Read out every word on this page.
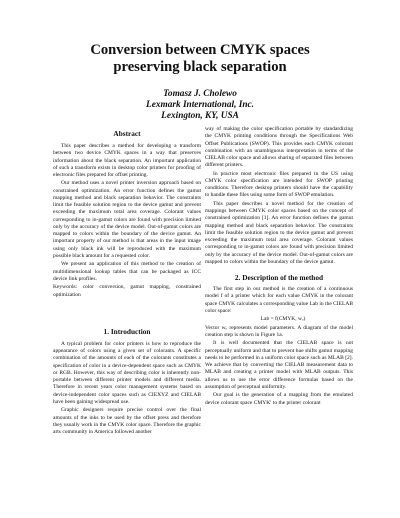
Conversion between CMYK spaces
preserving black separation
Tomasz J. Cholewo
Lexmark International, Inc.
Lexington, KY, USA
Abstract

This paper describes a method for developing a transform between two device CMYK spaces in a way that preserves information about the black separation. An important application of such a transform exists in desktop color printers for proofing of electronic files prepared for offset printing.

Our method uses a novel printer inversion approach based on constrained optimization. An error function defines the gamut mapping method and black separation behavior. The constraints limit the feasible solution region to the device gamut and prevent exceeding the maximum total area coverage. Colorant values corresponding to in-gamut colors are found with precision limited only by the accuracy of the device model. Out-of-gamut colors are mapped to colors within the boundary of the device gamut. An important property of our method is that areas in the input image using only black ink will be reproduced with the maximum possible black amount for a requested color.

We present an application of this method to the creation of multidimensional lookup tables that can be packaged as ICC device link profiles.

Keywords: color conversion, gamut mapping, constrained optimization

1. Introduction

A typical problem for color printers is how to reproduce the appearance of colors using a given set of colorants. A specific combination of the amounts of each of the colorants constitutes a specification of color in a device-dependent space such as CMYK or RGB. However, this way of describing color is inherently non-portable between different printer models and different media. Therefore in recent years color management systems based on device-independent color spaces such as CIEXYZ and CIELAB have been gaining widespread use.

Graphic designers require precise control over the final amounts of the inks to be used by the offset press and therefore they usually work in the CMYK color space. Therefore the graphic arts community in America followed another

way of making the color specification portable by standardizing the CMYK printing conditions through the Specifications Web Offset Publications (SWOP). This provides each CMYK colorant combination with an unambiguous interpretation in terms of the CIELAB color space and allows sharing of separated files between different printers.

In practice most electronic files prepared in the US using CMYK color specification are intended for SWOP printing conditions. Therefore desktop printers should have the capability to handle these files using some form of SWOP emulation.

This paper describes a novel method for the creation of mappings between CMYK color spaces based on the concept of constrained optimization [1]. An error function defines the gamut mapping method and black separation behavior. The constraints limit the feasible solution region to the device gamut and prevent exceeding the maximum total area coverage. Colorant values corresponding to in-gamut colors are found with precision limited only by the accuracy of the device model. Out-of-gamut colors are mapped to colors within the boundary of the device gamut.

2. Description of the method

The first step in our method is the creation of a continuous model f of a printer which for each value CMYK in the colorant space CMYK calculates a corresponding value Lab in the CIELAB color space:

Lab = f(CMYK, wₒ)

Vector wₒ represents model parameters. A diagram of the model creation step is shown in Figure 1a.

It is well documented that the CIELAB space is not perceptually uniform and that to prevent hue shifts gamut mapping needs to be performed in a uniform color space such as MLAB [2]. We achieve that by converting the CIELAB measurement data to MLAB and creating a printer model with MLAB outputs. This allows us to use the error difference formulas based on the assumption of perceptual uniformity.

Our goal is the generation of a mapping from the emulated device colorant space CMYK′ to the printer colorant
